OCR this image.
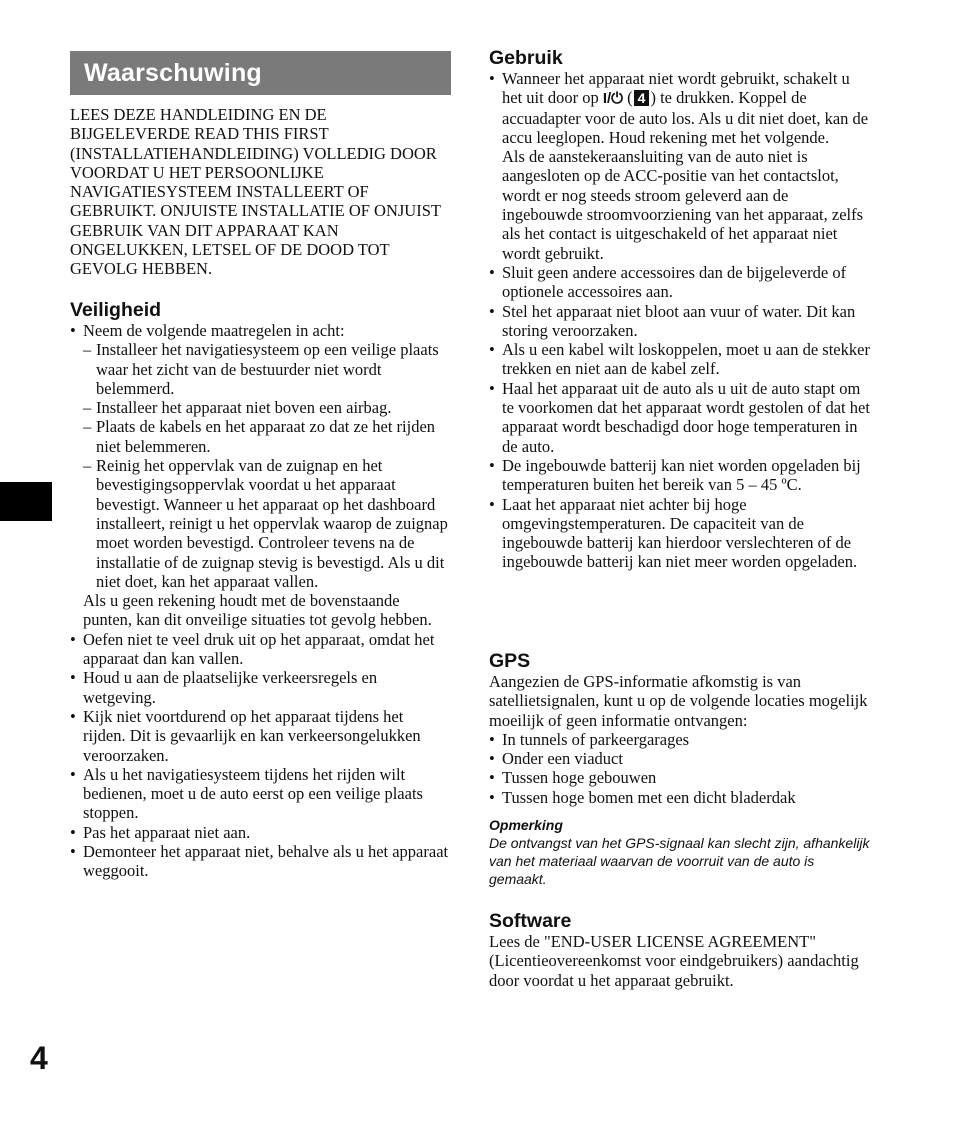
Waarschuwing

LEES DEZE HANDLEIDING EN DE BIJGELEVERDE READ THIS FIRST (INSTALLATIEHANDLEIDING) VOLLEDIG DOOR VOORDAT U HET PERSOONLIJKE NAVIGATIESYSTEEM INSTALLEERT OF GEBRUIKT. ONJUISTE INSTALLATIE OF ONJUIST GEBRUIK VAN DIT APPARAAT KAN ONGELUKKEN, LETSEL OF DE DOOD TOT GEVOLG HEBBEN.

Veiligheid
• Neem de volgende maatregelen in acht:
– Installeer het navigatiesysteem op een veilige plaats waar het zicht van de bestuurder niet wordt belemmerd.
– Installeer het apparaat niet boven een airbag.
– Plaats de kabels en het apparaat zo dat ze het rijden niet belemmeren.
– Reinig het oppervlak van de zuignap en het bevestigingsoppervlak voordat u het apparaat bevestigt. Wanneer u het apparaat op het dashboard installeert, reinigt u het oppervlak waarop de zuignap moet worden bevestigd. Controleer tevens na de installatie of de zuignap stevig is bevestigd. Als u dit niet doet, kan het apparaat vallen.
Als u geen rekening houdt met de bovenstaande punten, kan dit onveilige situaties tot gevolg hebben.
• Oefen niet te veel druk uit op het apparaat, omdat het apparaat dan kan vallen.
• Houd u aan de plaatselijke verkeersregels en wetgeving.
• Kijk niet voortdurend op het apparaat tijdens het rijden. Dit is gevaarlijk en kan verkeersongelukken veroorzaken.
• Als u het navigatiesysteem tijdens het rijden wilt bedienen, moet u de auto eerst op een veilige plaats stoppen.
• Pas het apparaat niet aan.
• Demonteer het apparaat niet, behalve als u het apparaat weggooit.
Gebruik
• Wanneer het apparaat niet wordt gebruikt, schakelt u het uit door op I/⏻ ( 4 ) te drukken. Koppel de accuadapter voor de auto los. Als u dit niet doet, kan de accu leeglopen. Houd rekening met het volgende.
Als de aanstekeraansluiting van de auto niet is aangesloten op de ACC-positie van het contactslot, wordt er nog steeds stroom geleverd aan de ingebouwde stroomvoorziening van het apparaat, zelfs als het contact is uitgeschakeld of het apparaat niet wordt gebruikt.
• Sluit geen andere accessoires dan de bijgeleverde of optionele accessoires aan.
• Stel het apparaat niet bloot aan vuur of water. Dit kan storing veroorzaken.
• Als u een kabel wilt loskoppelen, moet u aan de stekker trekken en niet aan de kabel zelf.
• Haal het apparaat uit de auto als u uit de auto stapt om te voorkomen dat het apparaat wordt gestolen of dat het apparaat wordt beschadigd door hoge temperaturen in de auto.
• De ingebouwde batterij kan niet worden opgeladen bij temperaturen buiten het bereik van 5 – 45 ºC.
• Laat het apparaat niet achter bij hoge omgevingstemperaturen. De capaciteit van de ingebouwde batterij kan hierdoor verslechteren of de ingebouwde batterij kan niet meer worden opgeladen.
GPS

Aangezien de GPS-informatie afkomstig is van satellietsignalen, kunt u op de volgende locaties mogelijk moeilijk of geen informatie ontvangen:

• In tunnels of parkeergarages
• Onder een viaduct
• Tussen hoge gebouwen
• Tussen hoge bomen met een dicht bladerdak
Opmerking
De ontvangst van het GPS-signaal kan slecht zijn, afhankelijk van het materiaal waarvan de voorruit van de auto is gemaakt.
Software

Lees de "END-USER LICENSE AGREEMENT" (Licentieovereenkomst voor eindgebruikers) aandachtig door voordat u het apparaat gebruikt.

4
